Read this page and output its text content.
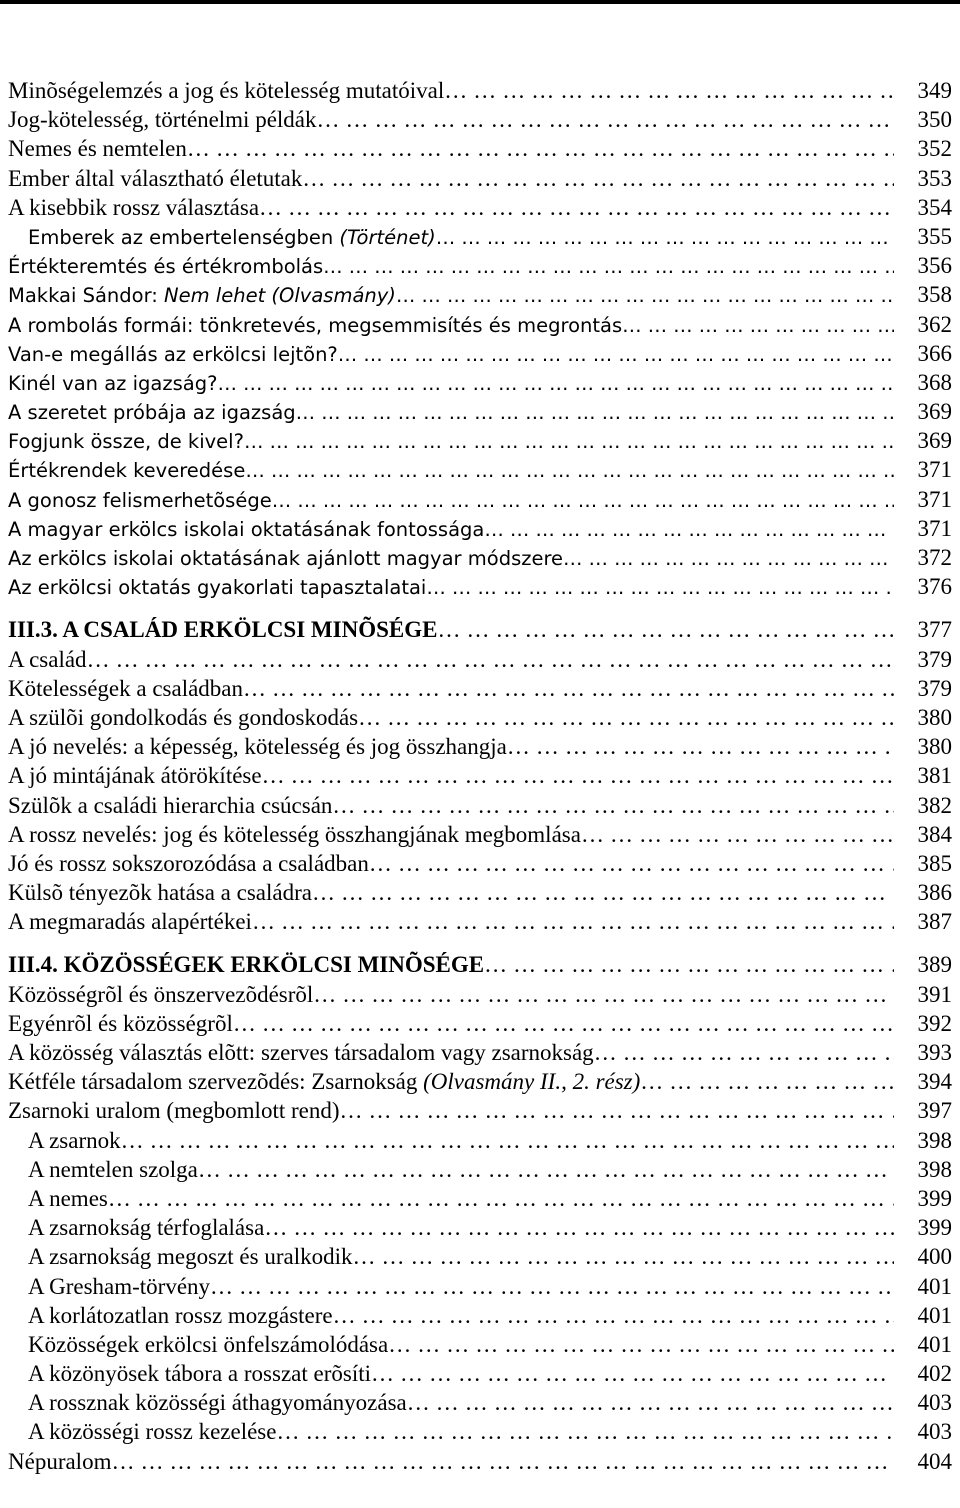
Minõségelemzés a jog és kötelesség mutatóival …………………………………………………………………………………………………………………………………………………………………………………………………………	349
Jog-kötelesség, történelmi példák …………………………………………………………………………………………………………………………………………………………………………………………………………	350
Nemes és nemtelen …………………………………………………………………………………………………………………………………………………………………………………………………………	352
Ember által választható életutak …………………………………………………………………………………………………………………………………………………………………………………………………………	353
A kisebbik rossz választása …………………………………………………………………………………………………………………………………………………………………………………………………………	354
Emberek az embertelenségben (Történet) …………………………………………………………………………………………………………………………………………………………………………………………………………	355
Értékteremtés és értékrombolás …………………………………………………………………………………………………………………………………………………………………………………………………………	356
Makkai Sándor: Nem lehet (Olvasmány) …………………………………………………………………………………………………………………………………………………………………………………………………………	358
A rombolás formái: tönkretevés, megsemmisítés és megrontás …………………………………………………………………………………………………………………………………………………………………………………………………………	362
Van-e megállás az erkölcsi lejtõn? …………………………………………………………………………………………………………………………………………………………………………………………………………	366
Kinél van az igazság? …………………………………………………………………………………………………………………………………………………………………………………………………………	368
A szeretet próbája az igazság …………………………………………………………………………………………………………………………………………………………………………………………………………	369
Fogjunk össze, de kivel? …………………………………………………………………………………………………………………………………………………………………………………………………………	369
Értékrendek keveredése …………………………………………………………………………………………………………………………………………………………………………………………………………	371
A gonosz felismerhetõsége …………………………………………………………………………………………………………………………………………………………………………………………………………	371
A magyar erkölcs iskolai oktatásának fontossága …………………………………………………………………………………………………………………………………………………………………………………………………………	371
Az erkölcs iskolai oktatásának ajánlott magyar módszere …………………………………………………………………………………………………………………………………………………………………………………………………………	372
Az erkölcsi oktatás gyakorlati tapasztalatai …………………………………………………………………………………………………………………………………………………………………………………………………………	376
III.3. A CSALÁD ERKÖLCSI MINÕSÉGE …………………………………………………………………………………………………………………………………………………………………………………………………………	377
A család …………………………………………………………………………………………………………………………………………………………………………………………………………	379
Kötelességek a családban …………………………………………………………………………………………………………………………………………………………………………………………………………	379
A szülõi gondolkodás és gondoskodás …………………………………………………………………………………………………………………………………………………………………………………………………………	380
A jó nevelés: a képesség, kötelesség és jog összhangja …………………………………………………………………………………………………………………………………………………………………………………………………………	380
A jó mintájának átörökítése …………………………………………………………………………………………………………………………………………………………………………………………………………	381
Szülõk a családi hierarchia csúcsán …………………………………………………………………………………………………………………………………………………………………………………………………………	382
A rossz nevelés: jog és kötelesség összhangjának megbomlása …………………………………………………………………………………………………………………………………………………………………………………………………………	384
Jó és rossz sokszorozódása a családban …………………………………………………………………………………………………………………………………………………………………………………………………………	385
Külsõ tényezõk hatása a családra …………………………………………………………………………………………………………………………………………………………………………………………………………	386
A megmaradás alapértékei …………………………………………………………………………………………………………………………………………………………………………………………………………	387
III.4. KÖZÖSSÉGEK ERKÖLCSI MINÕSÉGE …………………………………………………………………………………………………………………………………………………………………………………………………………	389
Közösségrõl és önszervezõdésrõl …………………………………………………………………………………………………………………………………………………………………………………………………………	391
Egyénrõl és közösségrõl …………………………………………………………………………………………………………………………………………………………………………………………………………	392
A közösség választás elõtt: szerves társadalom vagy zsarnokság …………………………………………………………………………………………………………………………………………………………………………………………………………	393
Kétféle társadalom szervezõdés: Zsarnokság (Olvasmány II., 2. rész) …………………………………………………………………………………………………………………………………………………………………………………………………………	394
Zsarnoki uralom (megbomlott rend) …………………………………………………………………………………………………………………………………………………………………………………………………………	397
A zsarnok …………………………………………………………………………………………………………………………………………………………………………………………………………	398
A nemtelen szolga …………………………………………………………………………………………………………………………………………………………………………………………………………	398
A nemes …………………………………………………………………………………………………………………………………………………………………………………………………………	399
A zsarnokság térfoglalása …………………………………………………………………………………………………………………………………………………………………………………………………………	399
A zsarnokság megoszt és uralkodik …………………………………………………………………………………………………………………………………………………………………………………………………………	400
A Gresham-törvény …………………………………………………………………………………………………………………………………………………………………………………………………………	401
A korlátozatlan rossz mozgástere …………………………………………………………………………………………………………………………………………………………………………………………………………	401
Közösségek erkölcsi önfelszámolódása …………………………………………………………………………………………………………………………………………………………………………………………………………	401
A közönyösek tábora a rosszat erõsíti …………………………………………………………………………………………………………………………………………………………………………………………………………	402
A rossznak közösségi áthagyományozása …………………………………………………………………………………………………………………………………………………………………………………………………………	403
A közösségi rossz kezelése …………………………………………………………………………………………………………………………………………………………………………………………………………	403
Népuralom …………………………………………………………………………………………………………………………………………………………………………………………………………	404
